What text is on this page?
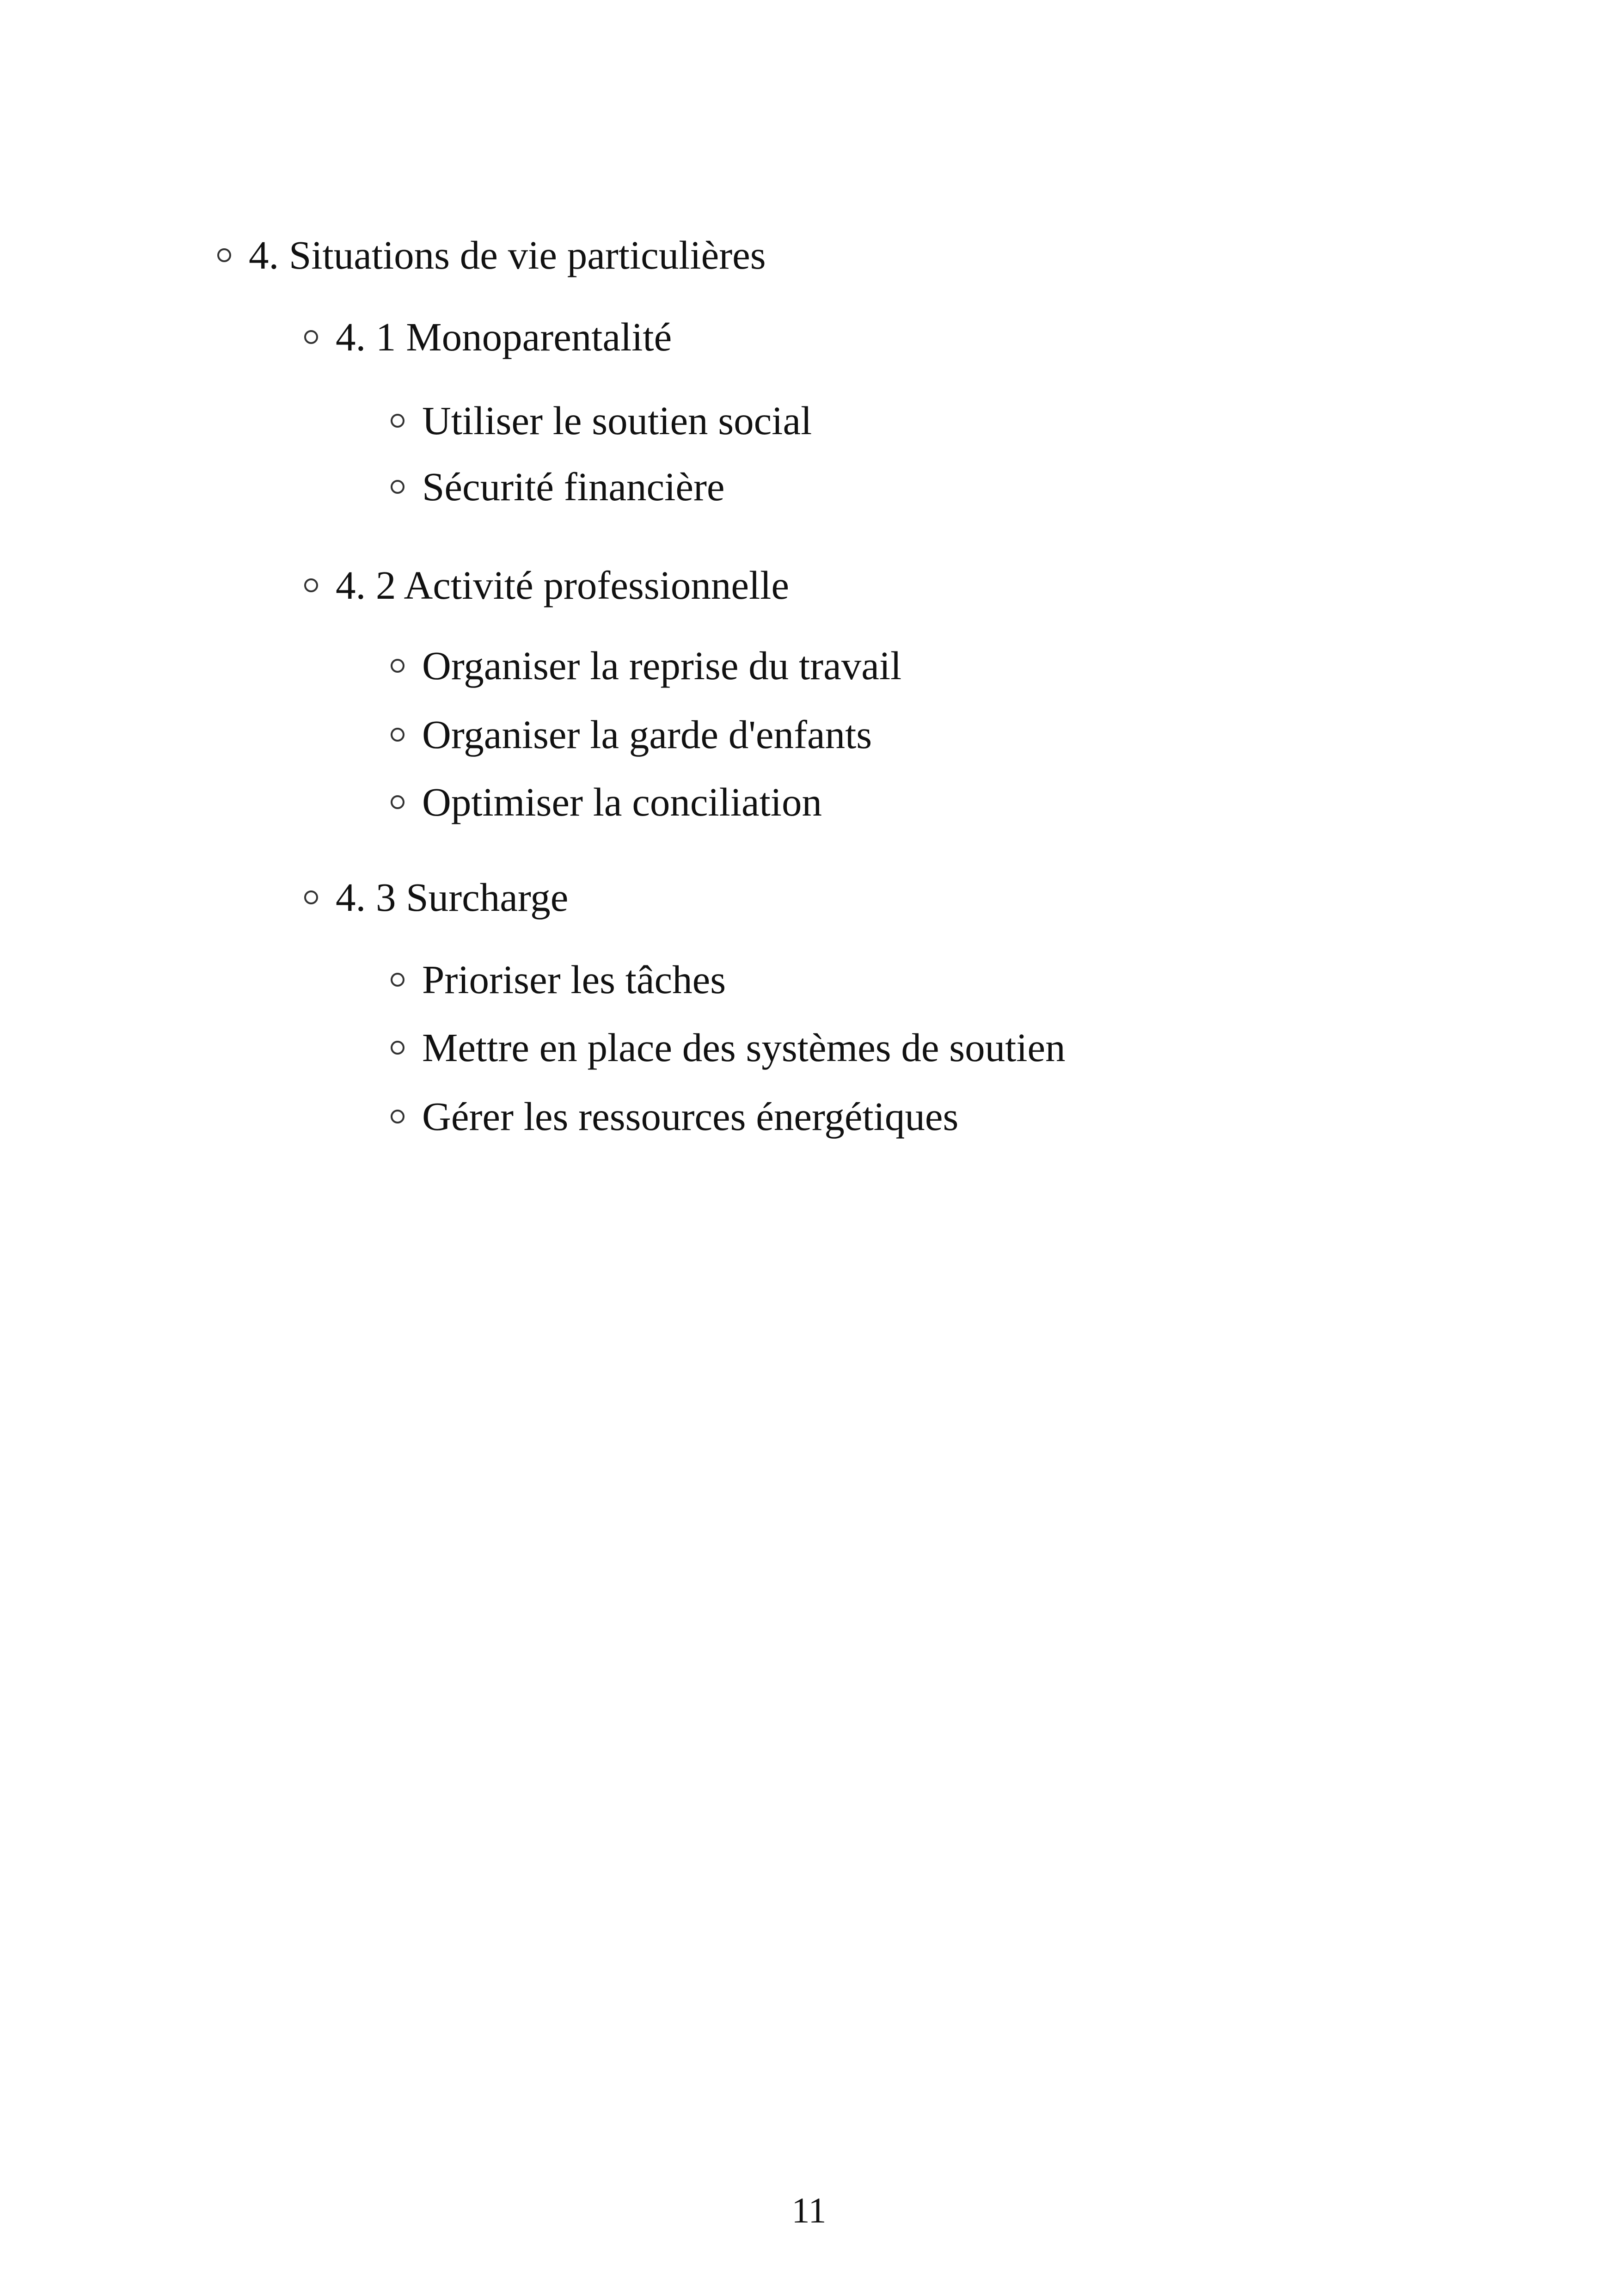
4. Situations de vie particulières
4. 1 Monoparentalité
Utiliser le soutien social
Sécurité financière
4. 2 Activité professionnelle
Organiser la reprise du travail
Organiser la garde d'enfants
Optimiser la conciliation
4. 3 Surcharge
Prioriser les tâches
Mettre en place des systèmes de soutien
Gérer les ressources énergétiques
11
